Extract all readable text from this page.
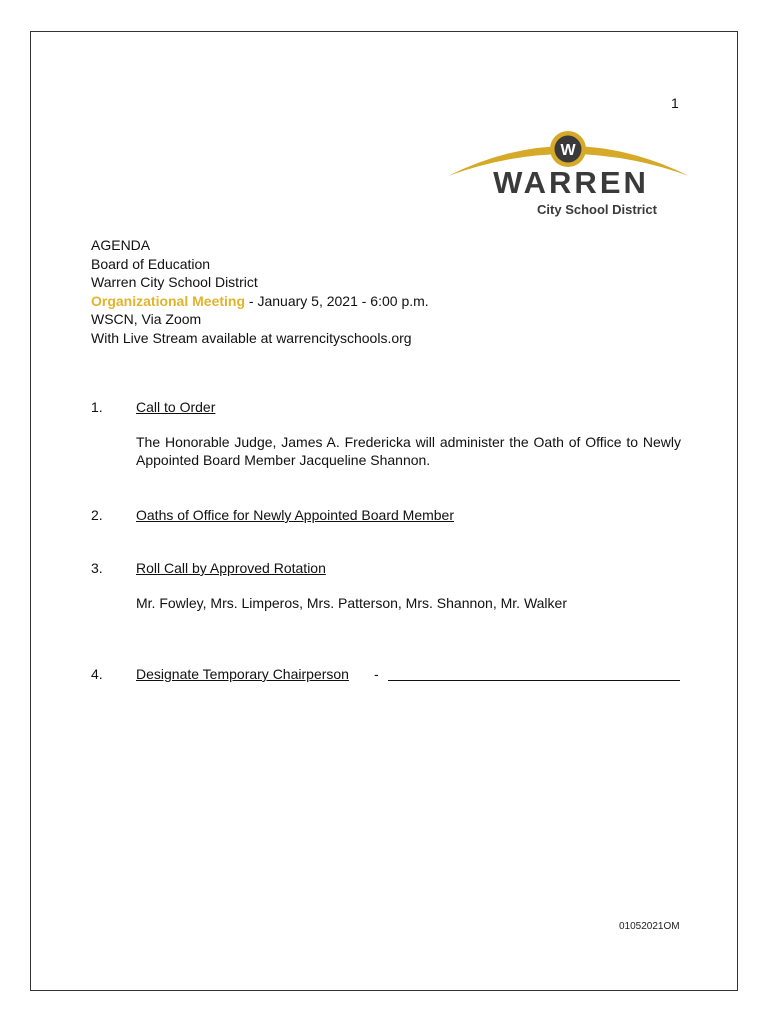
1
W
WARREN
City School District
AGENDA
Board of Education
Warren City School District
Organizational Meeting - January 5, 2021 - 6:00 p.m.
WSCN, Via Zoom
With Live Stream available at warrencityschools.org
1.	Call to Order
The Honorable Judge, James A. Fredericka will administer the Oath of Office to Newly Appointed Board Member Jacqueline Shannon.
2.	Oaths of Office for Newly Appointed Board Member
3.	Roll Call by Approved Rotation
Mr. Fowley, Mrs. Limperos, Mrs. Patterson, Mrs. Shannon, Mr. Walker
4.	Designate Temporary Chairperson -
01052021OM
